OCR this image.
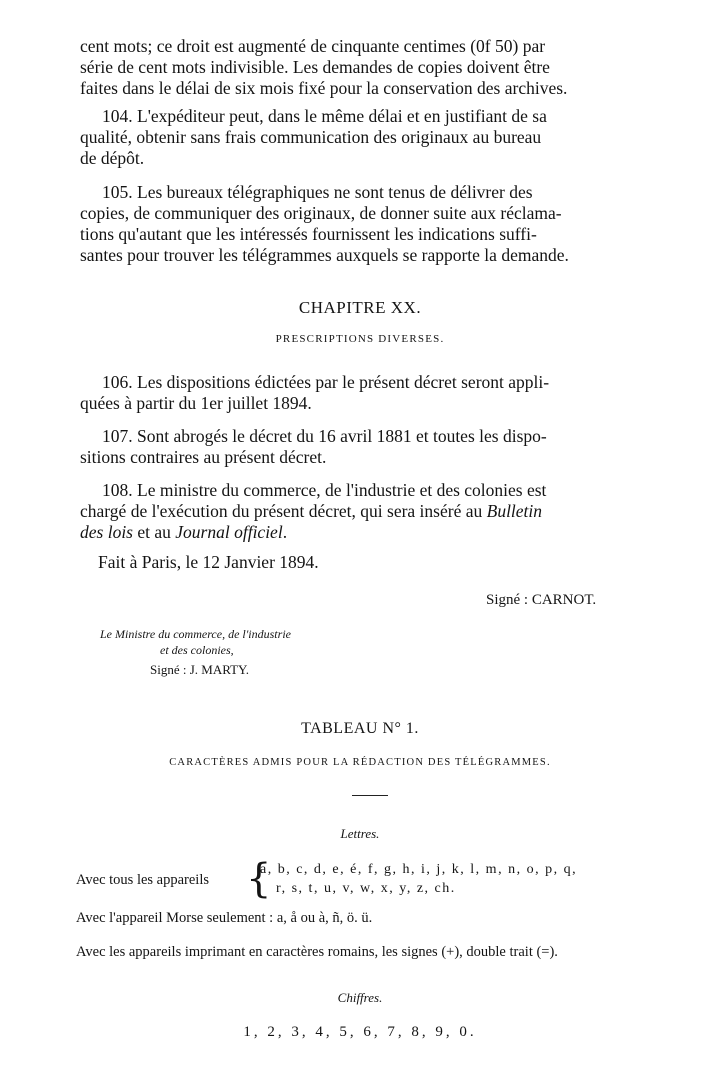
cent mots; ce droit est augmenté de cinquante centimes (0f 50) par
série de cent mots indivisible. Les demandes de copies doivent être
faites dans le délai de six mois fixé pour la conservation des archives.
104. L'expéditeur peut, dans le même délai et en justifiant de sa
qualité, obtenir sans frais communication des originaux au bureau
de dépôt.
105. Les bureaux télégraphiques ne sont tenus de délivrer des
copies, de communiquer des originaux, de donner suite aux réclama-
tions qu'autant que les intéressés fournissent les indications suffi-
santes pour trouver les télégrammes auxquels se rapporte la demande.

CHAPITRE XX.

PRESCRIPTIONS DIVERSES.

106. Les dispositions édictées par le présent décret seront appli-
quées à partir du 1er juillet 1894.
107. Sont abrogés le décret du 16 avril 1881 et toutes les dispo-
sitions contraires au présent décret.
108. Le ministre du commerce, de l'industrie et des colonies est
chargé de l'exécution du présent décret, qui sera inséré au Bulletin
des lois et au Journal officiel.
Fait à Paris, le 12 Janvier 1894.
Signé : CARNOT.
Le Ministre du commerce, de l'industrie
et des colonies,
Signé : J. MARTY.

TABLEAU N° 1.

CARACTÈRES ADMIS POUR LA RÉDACTION DES TÉLÉGRAMMES.

Lettres.

Avec tous les appareils {
a, b, c, d, e, é, f, g, h, i, j, k, l, m, n, o, p, q,
r, s, t, u, v, w, x, y, z, ch.
Avec l'appareil Morse seulement : a, å ou à, ñ, ö. ü.
Avec les appareils imprimant en caractères romains, les signes (+), double trait (=).

Chiffres.

1, 2, 3, 4, 5, 6, 7, 8, 9, 0.
